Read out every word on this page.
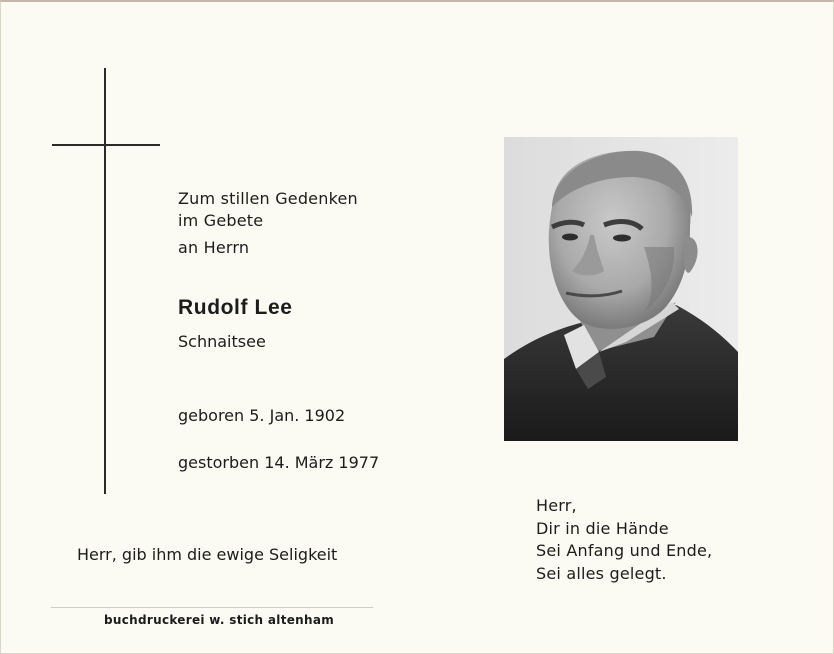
Zum stillen Gedenken
im Gebete
an Herrn
Rudolf Lee
Schnaitsee
geboren 5. Jan. 1902
gestorben 14. März 1977
Herr, gib ihm die ewige Seligkeit
buchdruckerei w. stich altenham
Herr,
Dir in die Hände
Sei Anfang und Ende,
Sei alles gelegt.
